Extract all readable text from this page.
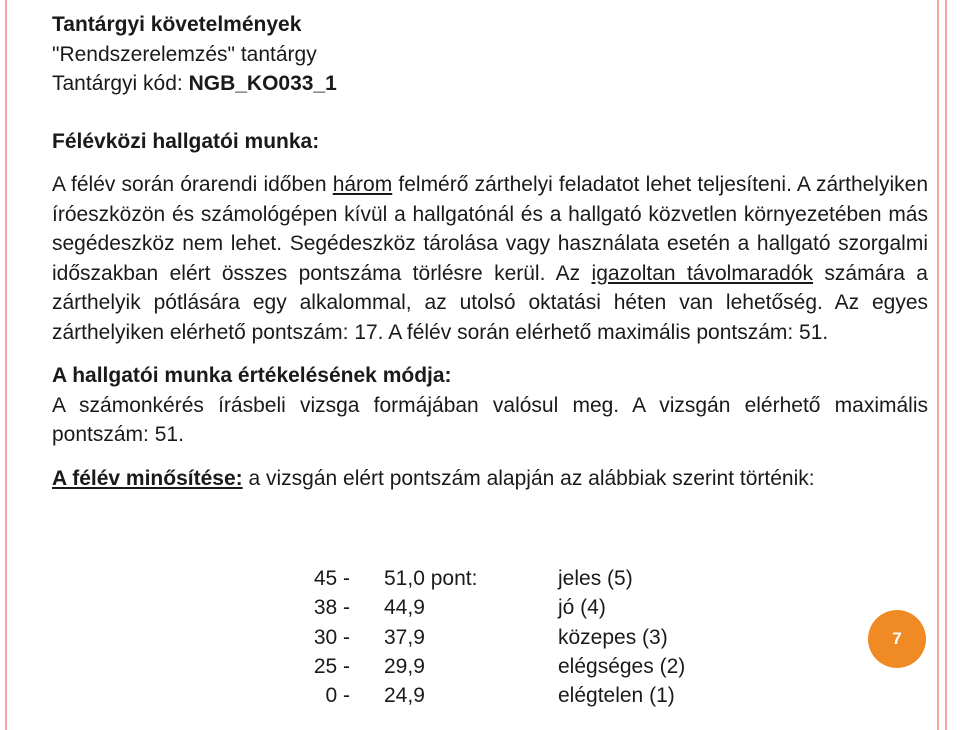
Tantárgyi követelmények
"Rendszerelemzés" tantárgy
Tantárgyi kód: NGB_KO033_1
Félévközi hallgatói munka:

A félév során órarendi időben három felmérő zárthelyi feladatot lehet teljesíteni. A zárthelyiken íróeszközön és számológépen kívül a hallgatónál és a hallgató közvetlen környezetében más segédeszköz nem lehet. Segédeszköz tárolása vagy használata esetén a hallgató szorgalmi időszakban elért összes pontszáma törlésre kerül. Az igazoltan távolmaradók számára a zárthelyik pótlására egy alkalommal, az utolsó oktatási héten van lehetőség. Az egyes zárthelyiken elérhető pontszám: 17. A félév során elérhető maximális pontszám: 51.

A hallgatói munka értékelésének módja:

A számonkérés írásbeli vizsga formájában valósul meg. A vizsgán elérhető maximális pontszám: 51.

A félév minősítése: a vizsgán elért pontszám alapján az alábbiak szerint történik:

45 -	51,0 pont:	jeles (5)
38 -	44,9	jó (4)
30 -	37,9	közepes (3)
25 -	29,9	elégséges (2)
0 -	24,9	elégtelen (1)
7
